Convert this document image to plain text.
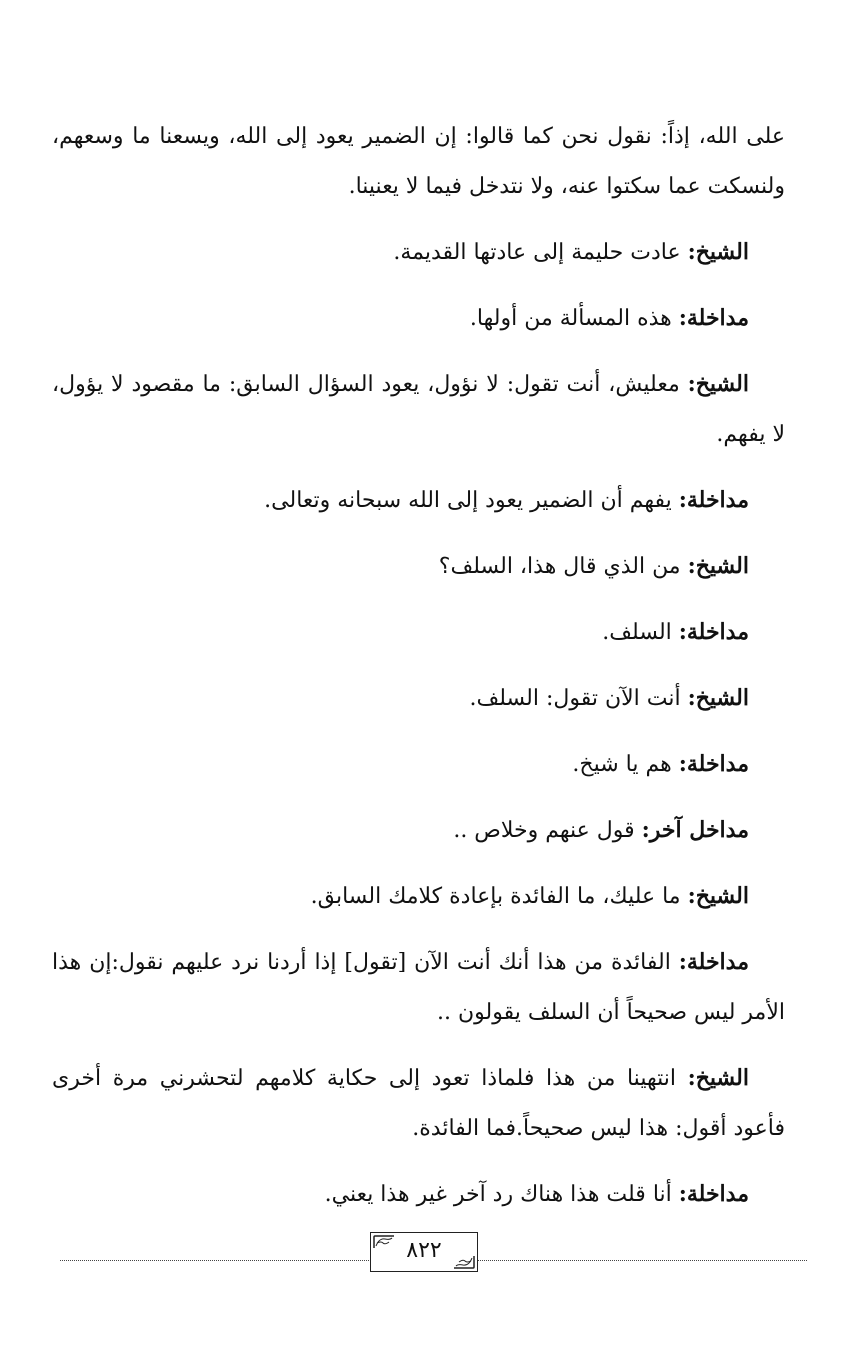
على الله، إذاً: نقول نحن كما قالوا: إن الضمير يعود إلى الله، ويسعنا ما وسعهم، ولنسكت عما سكتوا عنه، ولا نتدخل فيما لا يعنينا.

الشيخ: عادت حليمة إلى عادتها القديمة.

مداخلة: هذه المسألة من أولها.

الشيخ: معليش، أنت تقول: لا نؤول، يعود السؤال السابق: ما مقصود لا يؤول، لا يفهم.

مداخلة: يفهم أن الضمير يعود إلى الله سبحانه وتعالى.

الشيخ: من الذي قال هذا، السلف؟

مداخلة: السلف.

الشيخ: أنت الآن تقول: السلف.

مداخلة: هم يا شيخ.

مداخل آخر: قول عنهم وخلاص ..

الشيخ: ما عليك، ما الفائدة بإعادة كلامك السابق.

مداخلة: الفائدة من هذا أنك أنت الآن [تقول] إذا أردنا نرد عليهم نقول:إن هذا الأمر ليس صحيحاً أن السلف يقولون ..

الشيخ: انتهينا من هذا فلماذا تعود إلى حكاية كلامهم لتحشرني مرة أخرى فأعود أقول: هذا ليس صحيحاً.فما الفائدة.

مداخلة: أنا قلت هذا هناك رد آخر غير هذا يعني.

٨٢٢
